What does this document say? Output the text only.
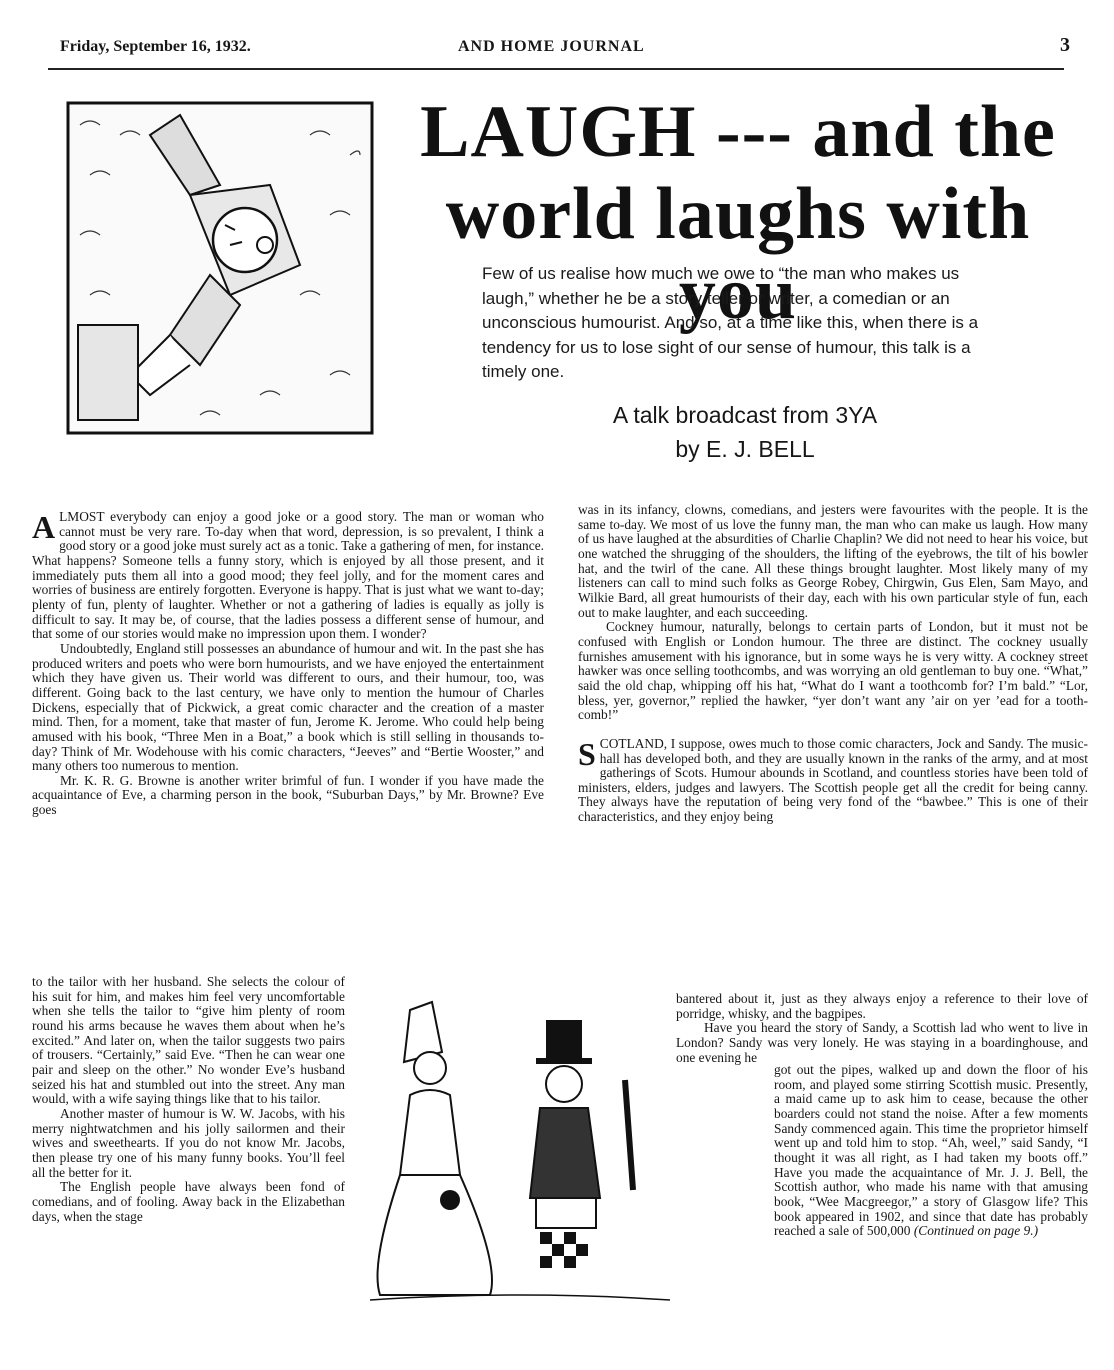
Friday, September 16, 1932.	AND HOME JOURNAL	3
LAUGH --- and the
world laughs with you
Few of us realise how much we owe to “the man who makes us laugh,” whether he be a story teller or writer, a comedian or an unconscious humourist. And so, at a time like this, when there is a tendency for us to lose sight of our sense of humour, this talk is a timely one.
A talk broadcast from 3YA
by E. J. BELL

ALMOST everybody can enjoy a good joke or a good story. The man or woman who cannot must be very rare. To-day when that word, depression, is so prevalent, I think a good story or a good joke must surely act as a tonic. Take a gathering of men, for instance. What happens? Someone tells a funny story, which is enjoyed by all those present, and it immediately puts them all into a good mood; they feel jolly, and for the moment cares and worries of business are entirely forgotten. Everyone is happy. That is just what we want to-day; plenty of fun, plenty of laughter. Whether or not a gathering of ladies is equally as jolly is difficult to say. It may be, of course, that the ladies possess a different sense of humour, and that some of our stories would make no impression upon them. I wonder?

Undoubtedly, England still possesses an abundance of humour and wit. In the past she has produced writers and poets who were born humourists, and we have enjoyed the entertainment which they have given us. Their world was different to ours, and their humour, too, was different. Going back to the last century, we have only to mention the humour of Charles Dickens, especially that of Pickwick, a great comic character and the creation of a master mind. Then, for a moment, take that master of fun, Jerome K. Jerome. Who could help being amused with his book, “Three Men in a Boat,” a book which is still selling in thousands to-day? Think of Mr. Wodehouse with his comic characters, “Jeeves” and “Bertie Wooster,” and many others too numerous to mention.

Mr. K. R. G. Browne is another writer brimful of fun. I wonder if you have made the acquaintance of Eve, a charming person in the book, “Suburban Days,” by Mr. Browne? Eve goes

to the tailor with her husband. She selects the colour of his suit for him, and makes him feel very uncomfortable when she tells the tailor to “give him plenty of room round his arms because he waves them about when he’s excited.” And later on, when the tailor suggests two pairs of trousers. “Certainly,” said Eve. “Then he can wear one pair and sleep on the other.” No wonder Eve’s husband seized his hat and stumbled out into the street. Any man would, with a wife saying things like that to his tailor.

Another master of humour is W. W. Jacobs, with his merry nightwatchmen and his jolly sailormen and their wives and sweethearts. If you do not know Mr. Jacobs, then please try one of his many funny books. You’ll feel all the better for it.

The English people have always been fond of comedians, and of fooling. Away back in the Elizabethan days, when the stage

was in its infancy, clowns, comedians, and jesters were favourites with the people. It is the same to-day. We most of us love the funny man, the man who can make us laugh. How many of us have laughed at the absurdities of Charlie Chaplin? We did not need to hear his voice, but one watched the shrugging of the shoulders, the lifting of the eyebrows, the tilt of his bowler hat, and the twirl of the cane. All these things brought laughter. Most likely many of my listeners can call to mind such folks as George Robey, Chirgwin, Gus Elen, Sam Mayo, and Wilkie Bard, all great humourists of their day, each with his own particular style of fun, each out to make laughter, and each succeeding.

Cockney humour, naturally, belongs to certain parts of London, but it must not be confused with English or London humour. The three are distinct. The cockney usually furnishes amusement with his ignorance, but in some ways he is very witty. A cockney street hawker was once selling toothcombs, and was worrying an old gentleman to buy one. “What,” said the old chap, whipping off his hat, “What do I want a toothcomb for? I’m bald.” “Lor, bless, yer, governor,” replied the hawker, “yer don’t want any ’air on yer ’ead for a tooth-comb!”

SCOTLAND, I suppose, owes much to those comic characters, Jock and Sandy. The music-hall has developed both, and they are usually known in the ranks of the army, and at most gatherings of Scots. Humour abounds in Scotland, and countless stories have been told of ministers, elders, judges and lawyers. The Scottish people get all the credit for being canny. They always have the reputation of being very fond of the “bawbee.” This is one of their characteristics, and they enjoy being

bantered about it, just as they always enjoy a reference to their love of porridge, whisky, and the bagpipes.

Have you heard the story of Sandy, a Scottish lad who went to live in London? Sandy was very lonely. He was staying in a boardinghouse, and one evening he

got out the pipes, walked up and down the floor of his room, and played some stirring Scottish music. Presently, a maid came up to ask him to cease, because the other boarders could not stand the noise. After a few moments Sandy commenced again. This time the proprietor himself went up and told him to stop. “Ah, weel,” said Sandy, “I thought it was all right, as I had taken my boots off.” Have you made the acquaintance of Mr. J. J. Bell, the Scottish author, who made his name with that amusing book, “Wee Macgreegor,” a story of Glasgow life? This book appeared in 1902, and since that date has probably reached a sale of 500,000 (Continued on page 9.)
